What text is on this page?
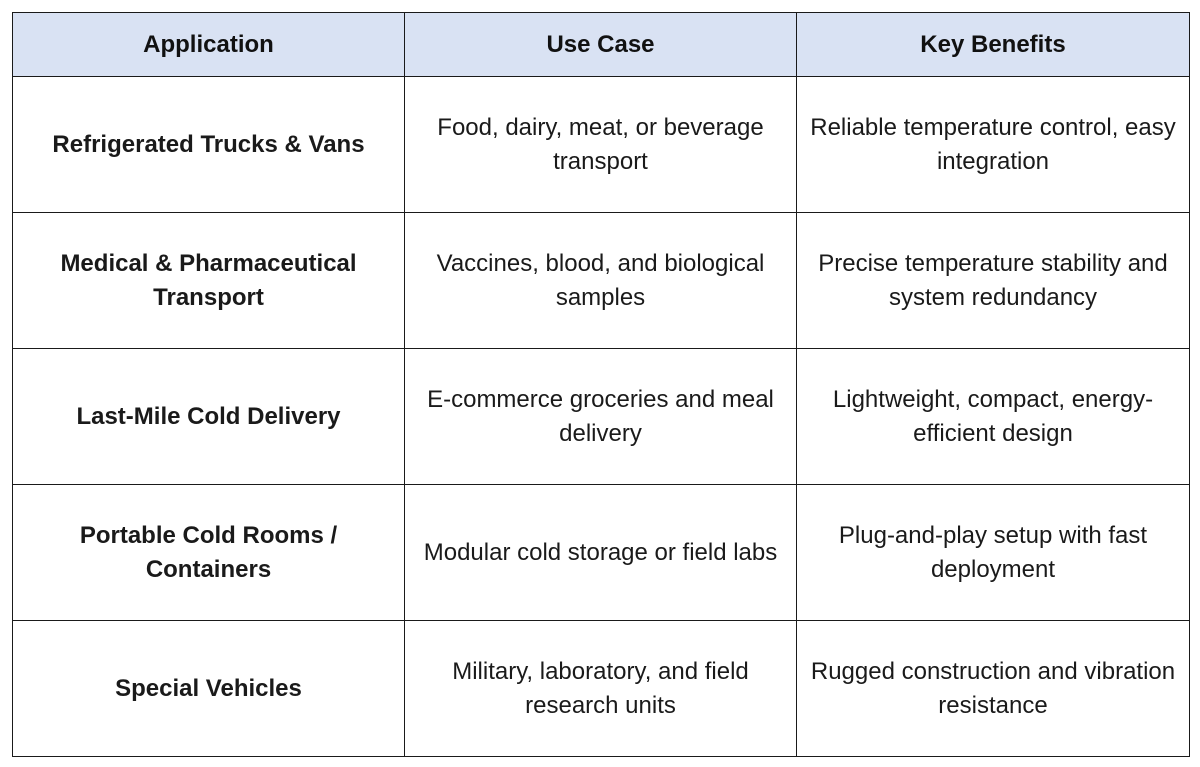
Application	Use Case	Key Benefits
Refrigerated Trucks & Vans	Food, dairy, meat, or beverage transport	Reliable temperature control, easy integration
Medical & Pharmaceutical Transport	Vaccines, blood, and biological samples	Precise temperature stability and system redundancy
Last-Mile Cold Delivery	E-commerce groceries and meal delivery	Lightweight, compact, energy-efficient design
Portable Cold Rooms / Containers	Modular cold storage or field labs	Plug-and-play setup with fast deployment
Special Vehicles	Military, laboratory, and field research units	Rugged construction and vibration resistance
